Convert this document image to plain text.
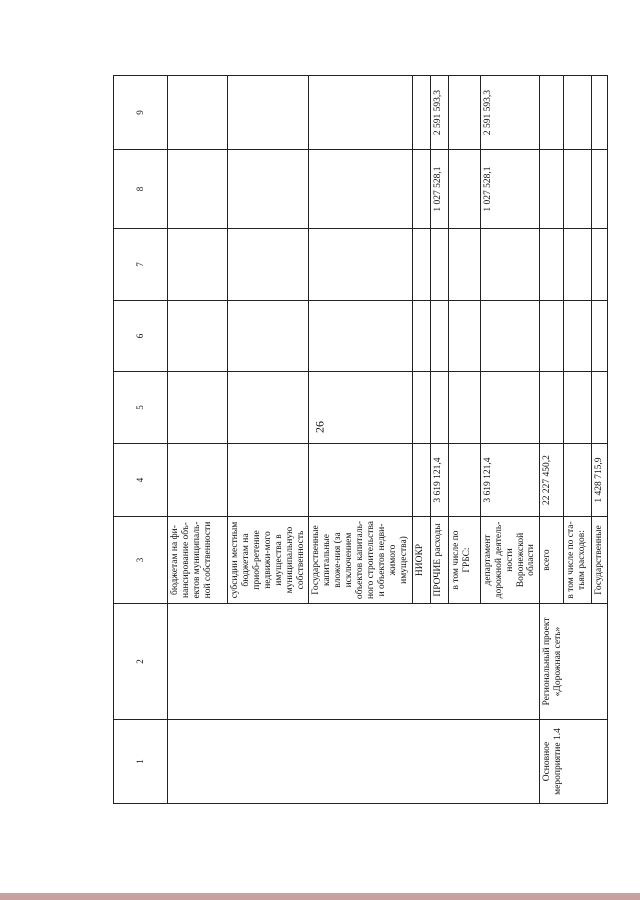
26
1	2	3	4	5	6	7	8	9
		бюджетам на фи-нансирование объ-ектов муниципаль-ной собственности						
		субсидии местным бюджетам на приоб-ретение недвижи-мого имущества в муниципальную собственность						
		Государственные капитальные вложе-ния (за исключением объектов капиталь-ного строительства и объектов недви-жимого имущества)						
		НИОКР						
		ПРОЧИЕ расходы	3 619 121,4				1 027 528,1	2 591 593,3
		в том числе по ГРБС:						
		департамент дорожной деятель-ности Воронежской области	3 619 121,4				1 027 528,1	2 591 593,3
Основное мероприятие 1.4	Региональный проект «Дорожная сеть»	всего	22 227 450,2					
		в том числе по ста-тьям расходов:						
		Государственные	1 428 715,9					
